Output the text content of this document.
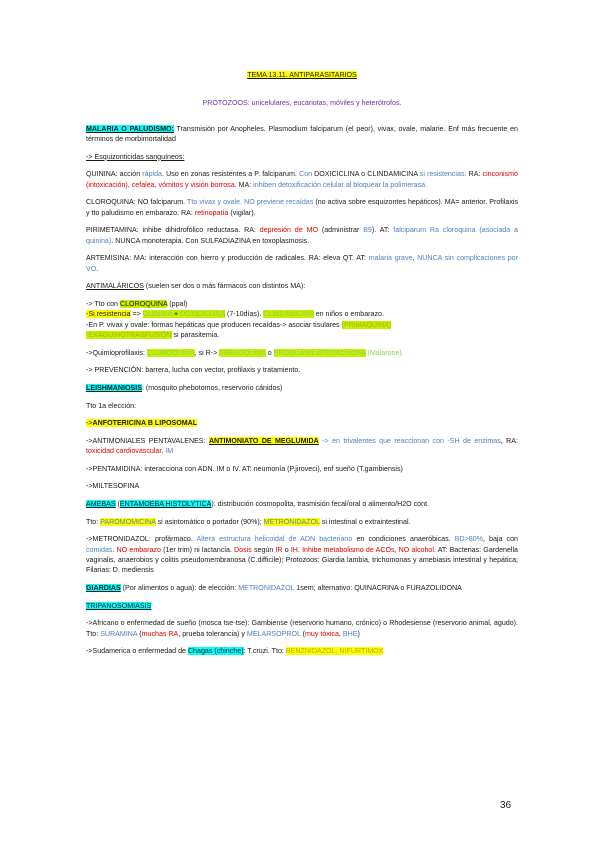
TEMA 13.11. ANTIPARASITARIOS
PROTOZOOS: unicelulares, eucariotas, móviles y heterótrofos.

MALARIA O PALUDISMO: Transmisión por Anopheles. Plasmodium falciparum (el peor), vivax, ovale, malarie. Enf más frecuente en términos de morbimortalidad

-> Esquizonticidas sanguíneos:

QUININA: acción rápida. Uso en zonas resistentes a P. falciparum. Con DOXICICLINA o CLINDAMICINA si resistencias. RA: cinconismo (intoxicación), cefalea, vómitos y visión borrosa. MA: inhiben detoxificación celular al bloquear la polimerasa.

CLOROQUINA: NO falciparum. Tto vivax y ovale. NO previene recaídas (no activa sobre esquizontes hepáticos). MA= anterior. Profilaxis y tto paludismo en embarazo. RA: retinopatía (vigilar).

PIRIMETAMINA: inhibe dihidrofólico reductasa. RA: depresión de MO (administrar B9). AT: falciparum Ra cloroquina (asociada a quinina). NUNCA monoterapia. Con SULFADIAZINA en toxoplasmosis.

ARTEMISINA: MA: interacción con hierro y producción de radicales. RA: eleva QT. AT: malaria grave, NUNCA sin complicaciones por VO.

ANTIMALÁRICOS (suelen ser dos o más fármacos con distintos MA):

-> Tto con CLOROQUINA (ppal)

-Si resistencia => QUININA + DOXICICLINA (7-10días). CLINDAMICINA en niños o embarazo.

-En P. vivax y ovale: formas hepáticas que producen recaídas-> asociar tisulares (PRIMAQUINA)

-EXAGUINOTRASFUSIÓN si parasitemia.

->Quimioprofilaxis: CLOROQUINA, si R-> MEFLOQUINA o PROGUANIL/ATOVACUONA (Malarone).

-> PREVENCIÓN: barrera, lucha con vector, profilaxis y tratamiento.

LEISHMANIOSIS: (mosquito phebotomos, reservorio cánidos)

Tto 1a elección:

->ANFOTERICINA B LIPOSOMAL

->ANTIMONIALES PENTAVALENES: ANTIMONIATO DE MEGLUMIDA -> en trivalentes que reaccionan con -SH de enzimas, RA: toxicidad cardiovascular. IM

->PENTAMIDINA: interacciona con ADN. IM o IV. AT: neumonía (P.jiroveci), enf sueño (T.gambiensis)

->MILTESOFINA

AMEBAS (ENTAMOEBA HISTOLYTICA): distribución cosmopolita, trasmisión fecal/oral o alimento/H2O cont.

Tto: PAROMOMICINA si asintomático o portador (90%); METRONIDAZOL si intestinal o extraintestinal.

->METRONIDAZOL: profármaco. Altera estructura helicoidal de ADN bacteriano en condiciones anaeróbicas. BD>80%, baja con comidas. NO embarazo (1er trim) ni lactancia. Dosis según IR o IH. Inhibe metabolismo de ACOs, NO alcohol. AT: Bacterias: Gardenella vaginalis, anaerobios y colitis pseudomembranosa (C.difficile); Protozoos: Giardia lambia, trichomonas y amebiasis intestinal y hepática; Filarias: D. mediensis

GIARDIAS (Por alimentos o agua): de elección: METRONIDAZOL 1sem; alternativo: QUINACRINA o FURAZOLIDONA

TRIPANOSOMIASIS

->Africano o enfermedad de sueño (mosca tse-tse): Gambiense (reservorio humano, crónico) o Rhodesiense (reservorio animal, agudo). Tto: SURAMINA (muchas RA, prueba tolerancia) y MELARSOPROL (muy tóxica, BHE)

->Sudamerica o enfermedad de Chagas (chinche): T.cruzi. Tto: BENZNIDAZOL, NIFURTIMOX

36
